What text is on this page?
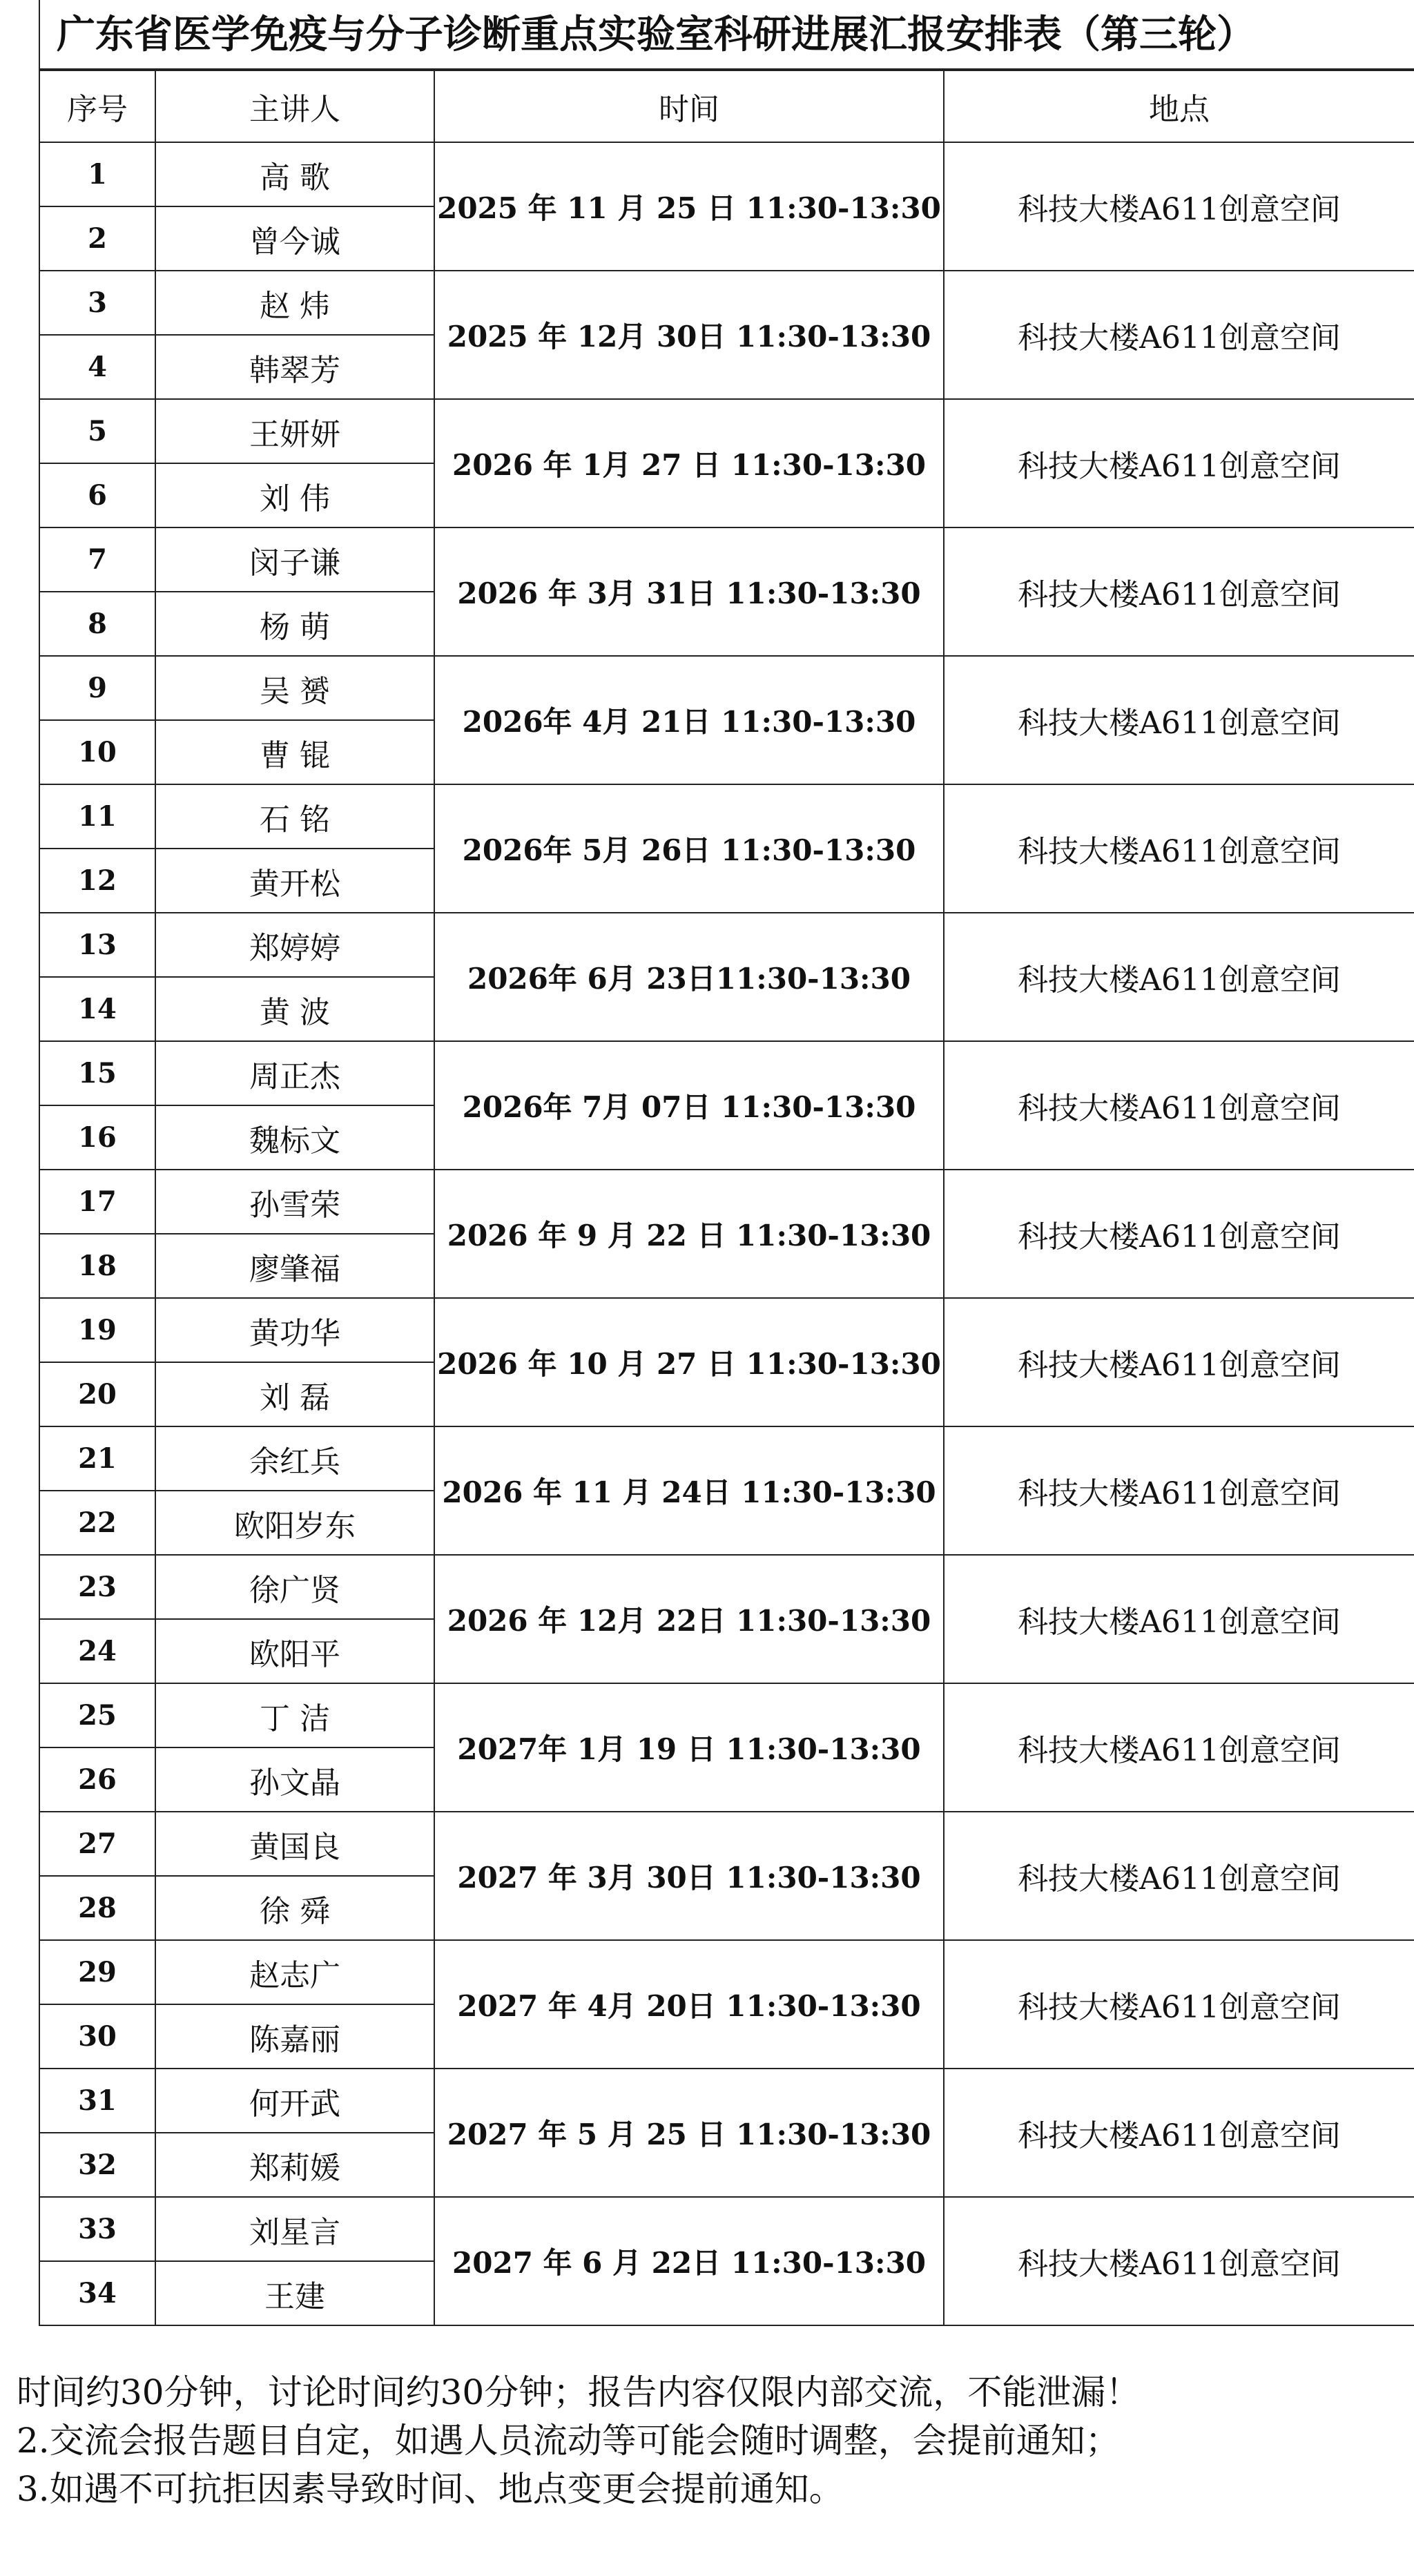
广东省医学免疫与分子诊断重点实验室科研进展汇报安排表（第三轮）
序号	主讲人	时间	地点
1	高 歌	2025 年 11 月 25 日 11:30-13:30	科技大楼A611创意空间
2	曾今诚		
3	赵 炜	2025 年 12月 30日 11:30-13:30	科技大楼A611创意空间
4	韩翠芳		
5	王妍妍	2026 年 1月 27 日 11:30-13:30	科技大楼A611创意空间
6	刘 伟		
7	闵子谦	2026 年 3月 31日 11:30-13:30	科技大楼A611创意空间
8	杨 萌		
9	吴 赟	2026年 4月 21日 11:30-13:30	科技大楼A611创意空间
10	曹 锟		
11	石 铭	2026年 5月 26日 11:30-13:30	科技大楼A611创意空间
12	黄开松		
13	郑婷婷	2026年 6月 23日11:30-13:30	科技大楼A611创意空间
14	黄 波		
15	周正杰	2026年 7月 07日 11:30-13:30	科技大楼A611创意空间
16	魏标文		
17	孙雪荣	2026 年 9 月 22 日 11:30-13:30	科技大楼A611创意空间
18	廖肇福		
19	黄功华	2026 年 10 月 27 日 11:30-13:30	科技大楼A611创意空间
20	刘 磊		
21	余红兵	2026 年 11 月 24日 11:30-13:30	科技大楼A611创意空间
22	欧阳岁东		
23	徐广贤	2026 年 12月 22日 11:30-13:30	科技大楼A611创意空间
24	欧阳平		
25	丁 洁	2027年 1月 19 日 11:30-13:30	科技大楼A611创意空间
26	孙文晶		
27	黄国良	2027 年 3月 30日 11:30-13:30	科技大楼A611创意空间
28	徐 舜		
29	赵志广	2027 年 4月 20日 11:30-13:30	科技大楼A611创意空间
30	陈嘉丽		
31	何开武	2027 年 5 月 25 日 11:30-13:30	科技大楼A611创意空间
32	郑莉媛		
33	刘星言	2027 年 6 月 22日 11:30-13:30	科技大楼A611创意空间
34	王建		
时间约30分钟，讨论时间约30分钟；报告内容仅限内部交流，不能泄漏！
2.交流会报告题目自定，如遇人员流动等可能会随时调整，会提前通知；
3.如遇不可抗拒因素导致时间、地点变更会提前通知。
